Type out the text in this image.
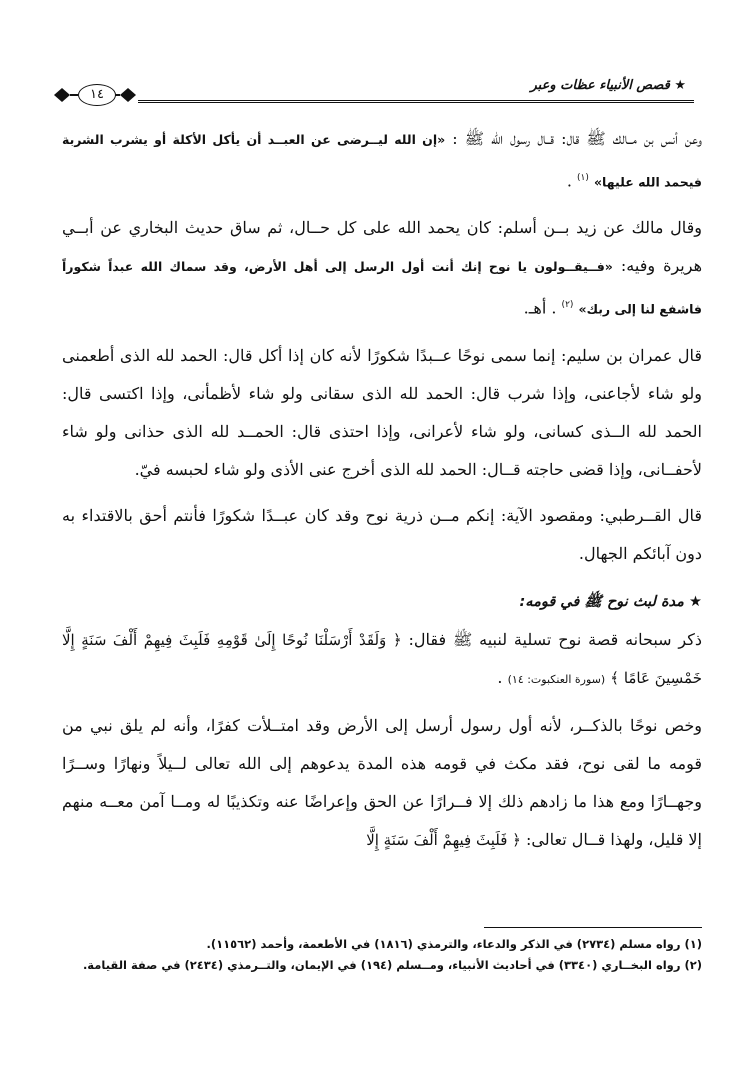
★ قصص الأنبياء عظات وعبر
١٤

وعن أنس بن مــالك ﷺ قال: قــال رسول الله ﷺ : «إن الله ليــرضى عن العبــد أن يأكل الأكلة أو يشرب الشربة فيحمد الله عليها» $^{(١)}$ .

وقال مالك عن زيد بــن أسلم: كان يحمد الله على كل حــال، ثم ساق حديث البخاري عن أبــي هريرة وفيه: «فــيقــولون يا نوح إنك أنت أول الرسل إلى أهل الأرض، وقد سماك الله عبداً شكوراً فاشفع لنا إلى ربك» $^{(٢)}$ . أهـ.

قال عمران بن سليم: إنما سمى نوحًا عــبدًا شكورًا لأنه كان إذا أكل قال: الحمد لله الذى أطعمنى ولو شاء لأجاعنى، وإذا شرب قال: الحمد لله الذى سقانى ولو شاء لأظمأنى، وإذا اكتسى قال: الحمد لله الــذى كسانى، ولو شاء لأعرانى، وإذا احتذى قال: الحمــد لله الذى حذانى ولو شاء لأحفــانى، وإذا قضى حاجته قــال: الحمد لله الذى أخرج عنى الأذى ولو شاء لحبسه فيّ.

قال القــرطبي: ومقصود الآية: إنكم مــن ذرية نوح وقد كان عبــدًا شكورًا فأنتم أحق بالاقتداء به دون آبائكم الجهال.

★ مدة لبث نوح ﷺ في قومه:

ذكر سبحانه قصة نوح تسلية لنبيه ﷺ فقال: ﴿ وَلَقَدْ أَرْسَلْنَا نُوحًا إِلَىٰ قَوْمِهِ فَلَبِثَ فِيهِمْ أَلْفَ سَنَةٍ إِلَّا خَمْسِينَ عَامًا ﴾ (سورة العنكبوت: ١٤) .

وخص نوحًا بالذكــر، لأنه أول رسول أرسل إلى الأرض وقد امتــلأت كفرًا، وأنه لم يلق نبي من قومه ما لقى نوح، فقد مكث في قومه هذه المدة يدعوهم إلى الله تعالى لــيلاً ونهارًا وســرًا وجهــارًا ومع هذا ما زادهم ذلك إلا فــرارًا عن الحق وإعراضًا عنه وتكذيبًا له ومــا آمن معــه منهم إلا قليل، ولهذا قــال تعالى: ﴿ فَلَبِثَ فِيهِمْ أَلْفَ سَنَةٍ إِلَّا

(١) رواه مسلم (٢٧٣٤) في الذكر والدعاء، والترمذي (١٨١٦) في الأطعمة، وأحمد (١١٥٦٢).

(٢) رواه البخــاري (٣٣٤٠) في أحاديث الأنبياء، ومــسلم (١٩٤) في الإيمان، والتــرمذي (٢٤٣٤) في صفة القيامة.
